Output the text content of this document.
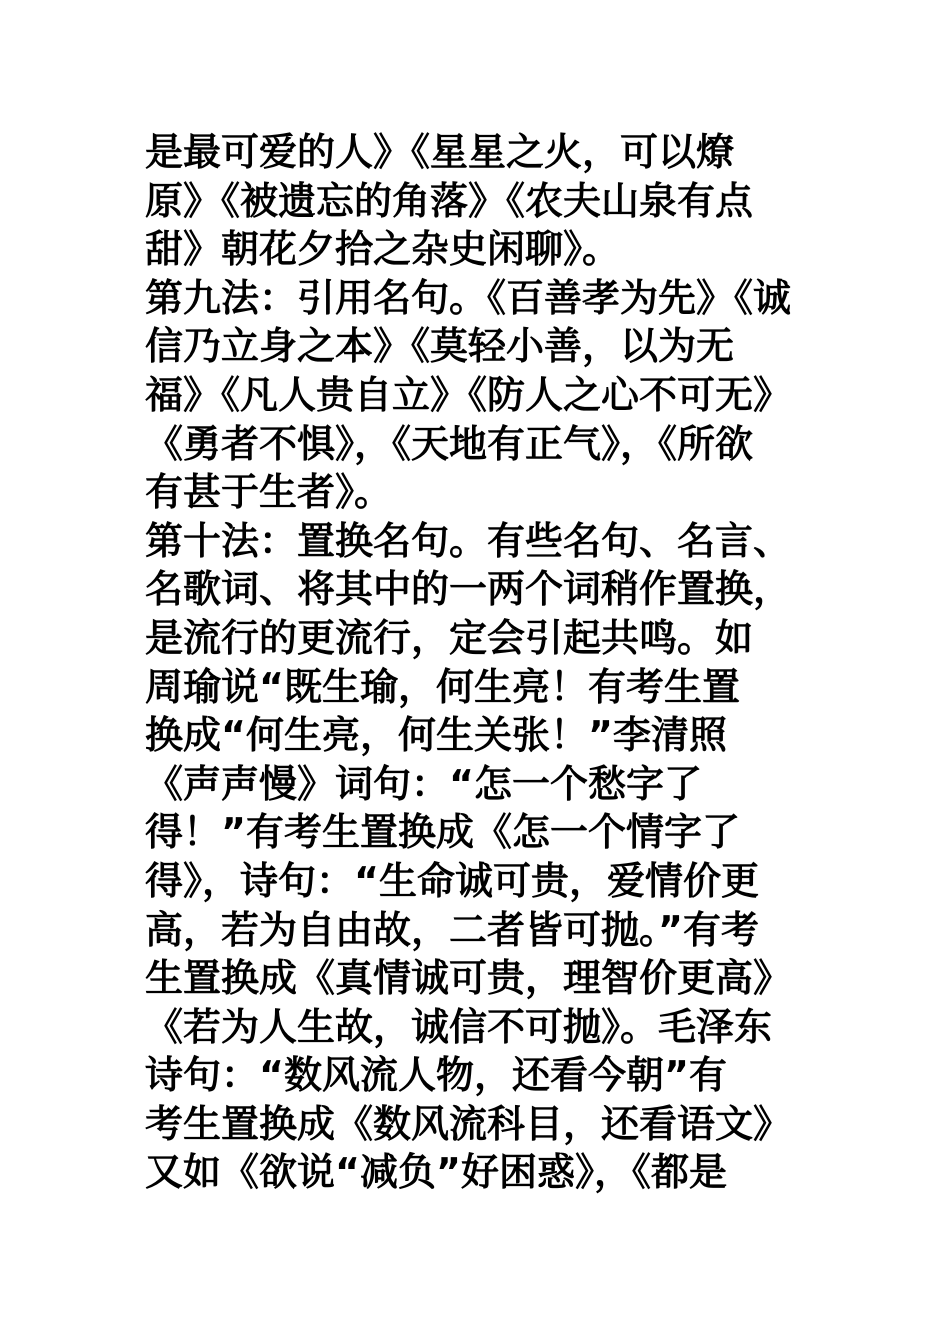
是最可爱的人》《星星之火，可以燎
原》《被遗忘的角落》《农夫山泉有点
甜》朝花夕拾之杂史闲聊》。
第九法：引用名句。《百善孝为先》《诚
信乃立身之本》《莫轻小善，以为无
福》《凡人贵自立》《防人之心不可无》
《勇者不惧》，《天地有正气》，《所欲
有甚于生者》。
第十法：置换名句。有些名句、名言、
名歌词、将其中的一两个词稍作置换，
是流行的更流行，定会引起共鸣。如
周瑜说“既生瑜，何生亮！有考生置
换成“何生亮，何生关张！”李清照
《声声慢》词句：“怎一个愁字了
得！”有考生置换成《怎一个情字了
得》，诗句：“生命诚可贵，爱情价更
高，若为自由故，二者皆可抛。”有考
生置换成《真情诚可贵，理智价更高》
《若为人生故，诚信不可抛》。毛泽东
诗句：“数风流人物，还看今朝”有
考生置换成《数风流科目，还看语文》
又如《欲说“减负”好困惑》，《都是
